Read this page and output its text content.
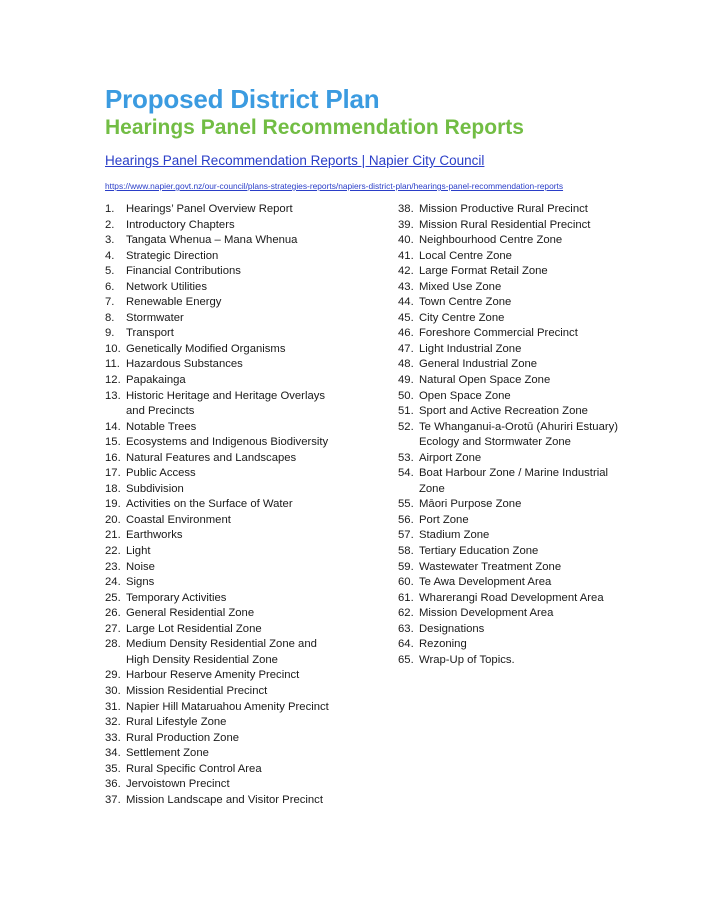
Proposed District Plan
Hearings Panel Recommendation Reports
Hearings Panel Recommendation Reports | Napier City Council
https://www.napier.govt.nz/our-council/plans-strategies-reports/napiers-district-plan/hearings-panel-recommendation-reports
1.	Hearings’ Panel Overview Report
2.	Introductory Chapters
3.	Tangata Whenua – Mana Whenua
4.	Strategic Direction
5.	Financial Contributions
6.	Network Utilities
7.	Renewable Energy
8.	Stormwater
9.	Transport
10. Genetically Modified Organisms
11. Hazardous Substances
12. Papakainga
13. Historic Heritage and Heritage Overlays and Precincts
14. Notable Trees
15. Ecosystems and Indigenous Biodiversity
16. Natural Features and Landscapes
17. Public Access
18. Subdivision
19. Activities on the Surface of Water
20. Coastal Environment
21. Earthworks
22. Light
23. Noise
24. Signs
25. Temporary Activities
26. General Residential Zone
27. Large Lot Residential Zone
28. Medium Density Residential Zone and High Density Residential Zone
29. Harbour Reserve Amenity Precinct
30. Mission Residential Precinct
31. Napier Hill Mataruahou Amenity Precinct
32. Rural Lifestyle Zone
33. Rural Production Zone
34. Settlement Zone
35. Rural Specific Control Area
36. Jervoistown Precinct
37. Mission Landscape and Visitor Precinct
38. Mission Productive Rural Precinct
39. Mission Rural Residential Precinct
40. Neighbourhood Centre Zone
41. Local Centre Zone
42. Large Format Retail Zone
43. Mixed Use Zone
44. Town Centre Zone
45. City Centre Zone
46. Foreshore Commercial Precinct
47. Light Industrial Zone
48. General Industrial Zone
49. Natural Open Space Zone
50. Open Space Zone
51. Sport and Active Recreation Zone
52. Te Whanganui-a-Orotū (Ahuriri Estuary) Ecology and Stormwater Zone
53. Airport Zone
54. Boat Harbour Zone / Marine Industrial Zone
55. Māori Purpose Zone
56. Port Zone
57. Stadium Zone
58. Tertiary Education Zone
59. Wastewater Treatment Zone
60. Te Awa Development Area
61. Wharerangi Road Development Area
62. Mission Development Area
63. Designations
64. Rezoning
65. Wrap-Up of Topics.
